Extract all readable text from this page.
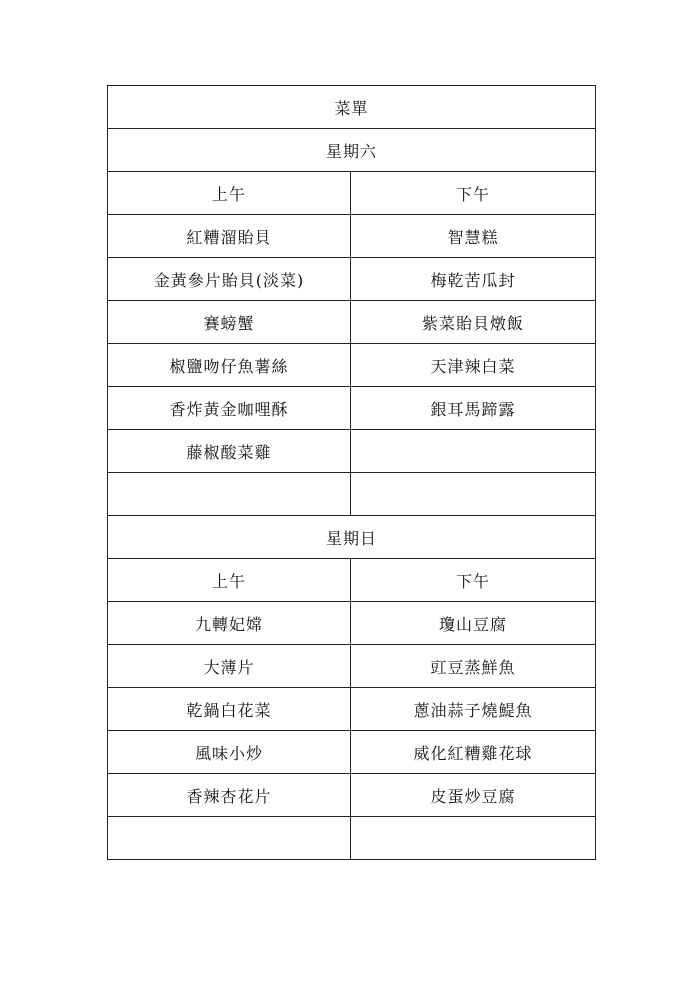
菜單	
星期六	
上午	下午
紅糟溜貽貝	智慧糕
金黃參片貽貝(淡菜)	梅乾苦瓜封
賽螃蟹	紫菜貽貝燉飯
椒鹽吻仔魚薯絲	天津辣白菜
香炸黃金咖哩酥	銀耳馬蹄露
藤椒酸菜雞	

星期日	
上午	下午
九轉妃嫦	瓊山豆腐
大薄片	豇豆蒸鮮魚
乾鍋白花菜	蔥油蒜子燒鯷魚
風味小炒	威化紅糟雞花球
香辣杏花片	皮蛋炒豆腐
